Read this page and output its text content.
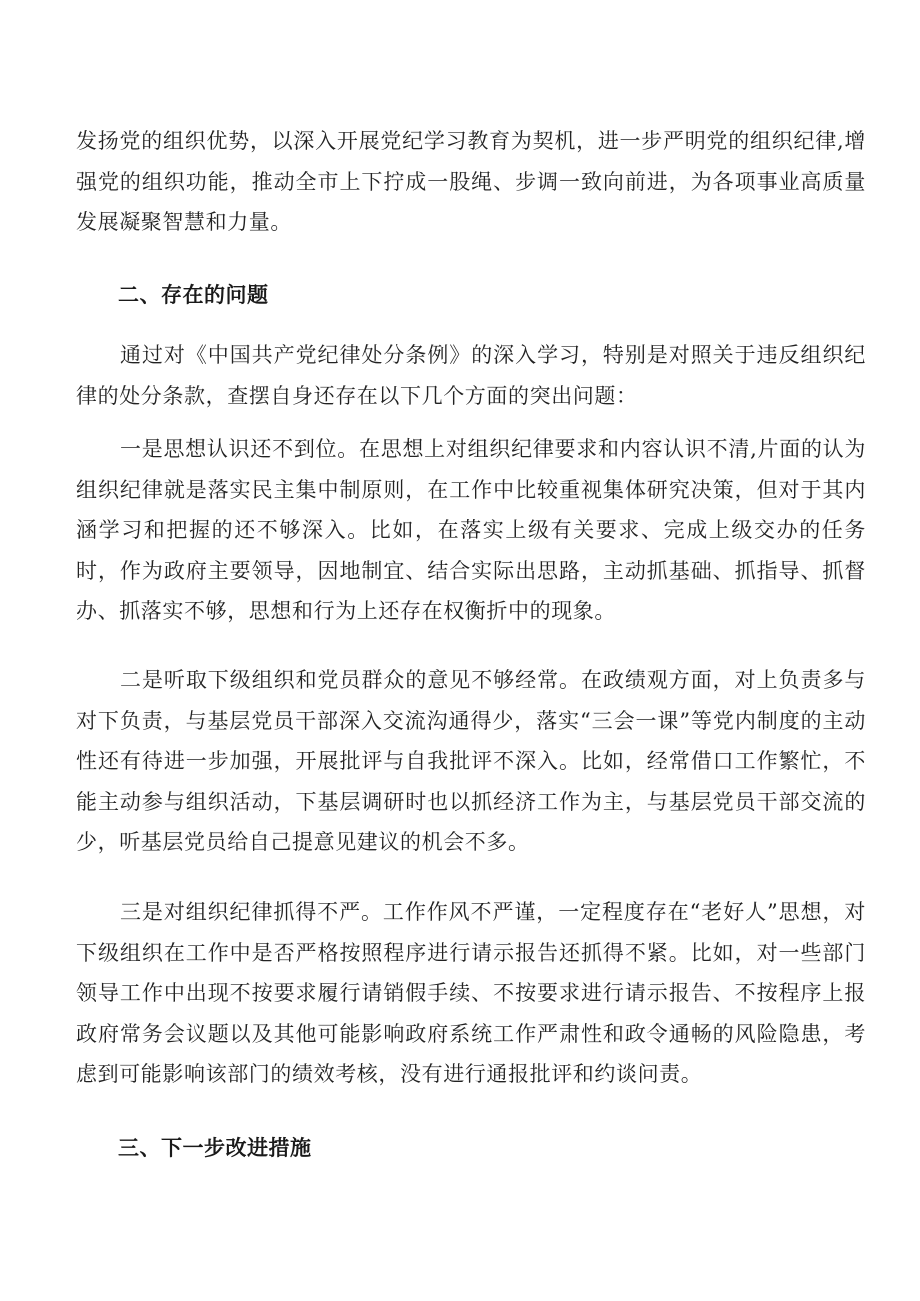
发扬党的组织优势，以深入开展党纪学习教育为契机，进一步严明党的组织纪律,增强党的组织功能，推动全市上下拧成一股绳、步调一致向前进，为各项事业高质量发展凝聚智慧和力量。

二、存在的问题

通过对《中国共产党纪律处分条例》的深入学习，特别是对照关于违反组织纪律的处分条款，查摆自身还存在以下几个方面的突出问题：

一是思想认识还不到位。在思想上对组织纪律要求和内容认识不清,片面的认为组织纪律就是落实民主集中制原则，在工作中比较重视集体研究决策，但对于其内涵学习和把握的还不够深入。比如，在落实上级有关要求、完成上级交办的任务时，作为政府主要领导，因地制宜、结合实际出思路，主动抓基础、抓指导、抓督办、抓落实不够，思想和行为上还存在权衡折中的现象。

二是听取下级组织和党员群众的意见不够经常。在政绩观方面，对上负责多与对下负责，与基层党员干部深入交流沟通得少，落实“三会一课”等党内制度的主动性还有待进一步加强，开展批评与自我批评不深入。比如，经常借口工作繁忙，不能主动参与组织活动，下基层调研时也以抓经济工作为主，与基层党员干部交流的少，听基层党员给自己提意见建议的机会不多。

三是对组织纪律抓得不严。工作作风不严谨，一定程度存在“老好人”思想，对下级组织在工作中是否严格按照程序进行请示报告还抓得不紧。比如，对一些部门领导工作中出现不按要求履行请销假手续、不按要求进行请示报告、不按程序上报政府常务会议题以及其他可能影响政府系统工作严肃性和政令通畅的风险隐患，考虑到可能影响该部门的绩效考核，没有进行通报批评和约谈问责。

三、下一步改进措施
